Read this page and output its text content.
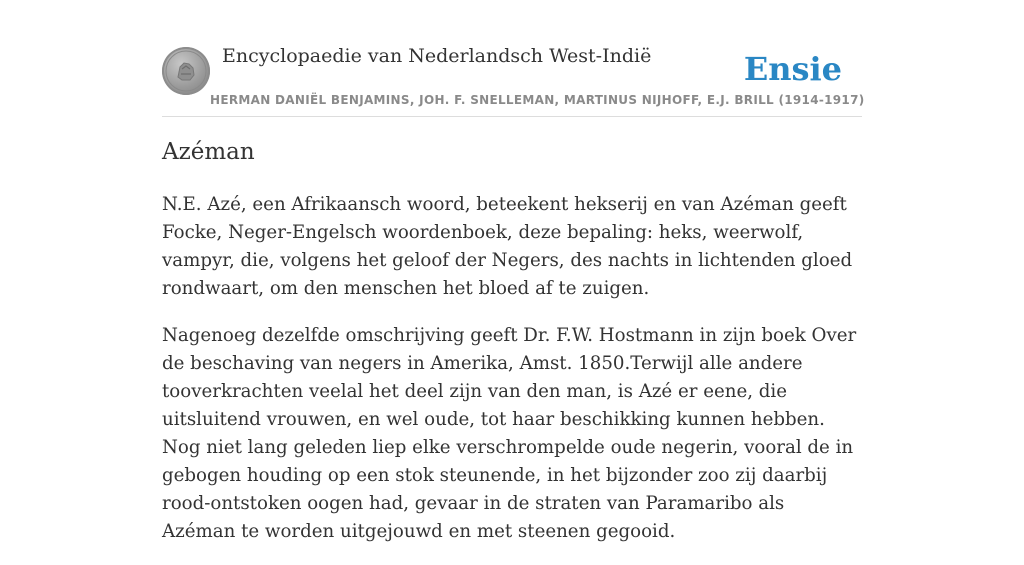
Encyclopaedie van Nederlandsch West-Indië	Ensie
HERMAN DANIËL BENJAMINS, JOH. F. SNELLEMAN, MARTINUS NIJHOFF, E.J. BRILL (1914-1917)
Azéman

N.E. Azé, een Afrikaansch woord, beteekent hekserij en van Azéman geeft Focke, Neger-Engelsch woordenboek, deze bepaling: heks, weerwolf, vampyr, die, volgens het geloof der Negers, des nachts in lichtenden gloed rondwaart, om den menschen het bloed af te zuigen.

Nagenoeg dezelfde omschrijving geeft Dr. F.W. Hostmann in zijn boek Over de beschaving van negers in Amerika, Amst. 1850.Terwijl alle andere tooverkrachten veelal het deel zijn van den man, is Azé er eene, die uitsluitend vrouwen, en wel oude, tot haar beschikking kunnen hebben. Nog niet lang geleden liep elke verschrompelde oude negerin, vooral de in gebogen houding op een stok steunende, in het bijzonder zoo zij daarbij rood-ontstoken oogen had, gevaar in de straten van Paramaribo als Azéman te worden uitgejouwd en met steenen gegooid.
